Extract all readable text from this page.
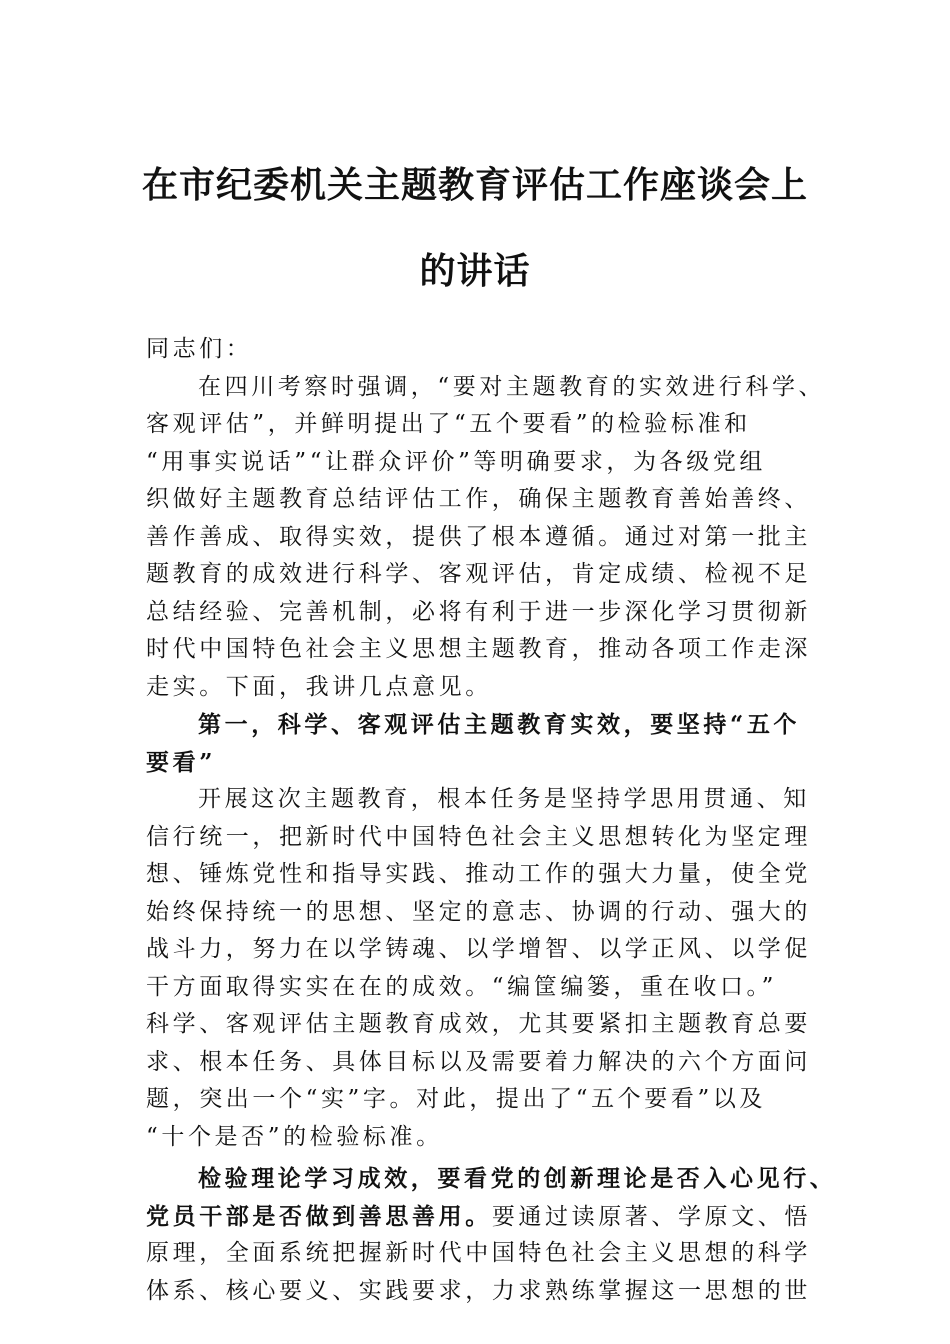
在市纪委机关主题教育评估工作座谈会上
的讲话
同志们：
在四川考察时强调，“要对主题教育的实效进行科学、
客观评估”，并鲜明提出了“五个要看”的检验标准和
“用事实说话”“让群众评价”等明确要求，为各级党组
织做好主题教育总结评估工作，确保主题教育善始善终、
善作善成、取得实效，提供了根本遵循。通过对第一批主
题教育的成效进行科学、客观评估，肯定成绩、检视不足
总结经验、完善机制，必将有利于进一步深化学习贯彻新
时代中国特色社会主义思想主题教育，推动各项工作走深
走实。下面，我讲几点意见。
第一，科学、客观评估主题教育实效，要坚持“五个
要看”
开展这次主题教育，根本任务是坚持学思用贯通、知
信行统一，把新时代中国特色社会主义思想转化为坚定理
想、锤炼党性和指导实践、推动工作的强大力量，使全党
始终保持统一的思想、坚定的意志、协调的行动、强大的
战斗力，努力在以学铸魂、以学增智、以学正风、以学促
干方面取得实实在在的成效。“编筐编篓，重在收口。”
科学、客观评估主题教育成效，尤其要紧扣主题教育总要
求、根本任务、具体目标以及需要着力解决的六个方面问
题，突出一个“实”字。对此，提出了“五个要看”以及
“十个是否”的检验标准。
检验理论学习成效，要看党的创新理论是否入心见行、
党员干部是否做到善思善用。要通过读原著、学原文、悟
原理，全面系统把握新时代中国特色社会主义思想的科学
体系、核心要义、实践要求，力求熟练掌握这一思想的世
